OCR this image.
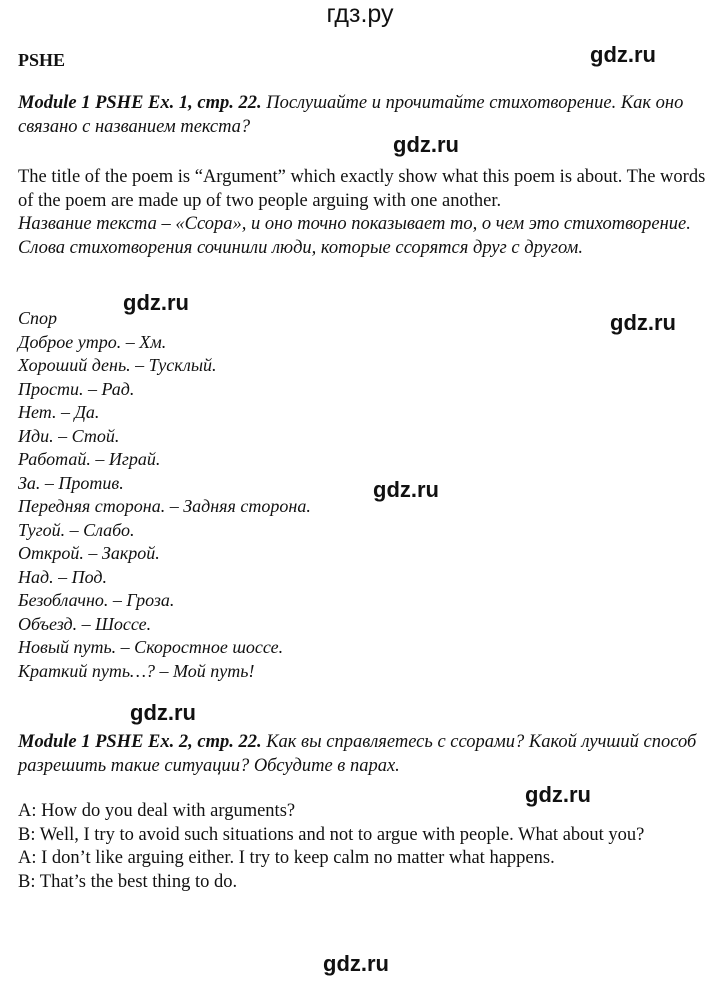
гдз.ру
PSHE	gdz.ru
Module 1 PSHE Ex. 1, стр. 22. Послушайте и прочитайте стихотворение. Как оно связано с названием текста?
gdz.ru
The title of the poem is “Argument” which exactly show what this poem is about. The words of the poem are made up of two people arguing with one another.
Название текста – «Ссора», и оно точно показывает то, о чем это стихотворение. Слова стихотворения сочинили люди, которые ссорятся друг с другом.
gdz.ru
gdz.ru
Спор
Доброе утро. – Хм.
Хороший день. – Тусклый.
Прости. – Рад.
Нет. – Да.
Иди. – Стой.
Работай. – Играй.
За. – Против.
Передняя сторона. – Задняя сторона.
Тугой. – Слабо.
Открой. – Закрой.
Над. – Под.
Безоблачно. – Гроза.
Объезд. – Шоссе.
Новый путь. – Скоростное шоссе.
Краткий путь…? – Мой путь!
gdz.ru
gdz.ru
Module 1 PSHE Ex. 2, стр. 22. Как вы справляетесь с ссорами? Какой лучший способ разрешить такие ситуации? Обсудите в парах.
gdz.ru
A: How do you deal with arguments?
B: Well, I try to avoid such situations and not to argue with people. What about you?
A: I don’t like arguing either. I try to keep calm no matter what happens.
B: That’s the best thing to do.
gdz.ru
